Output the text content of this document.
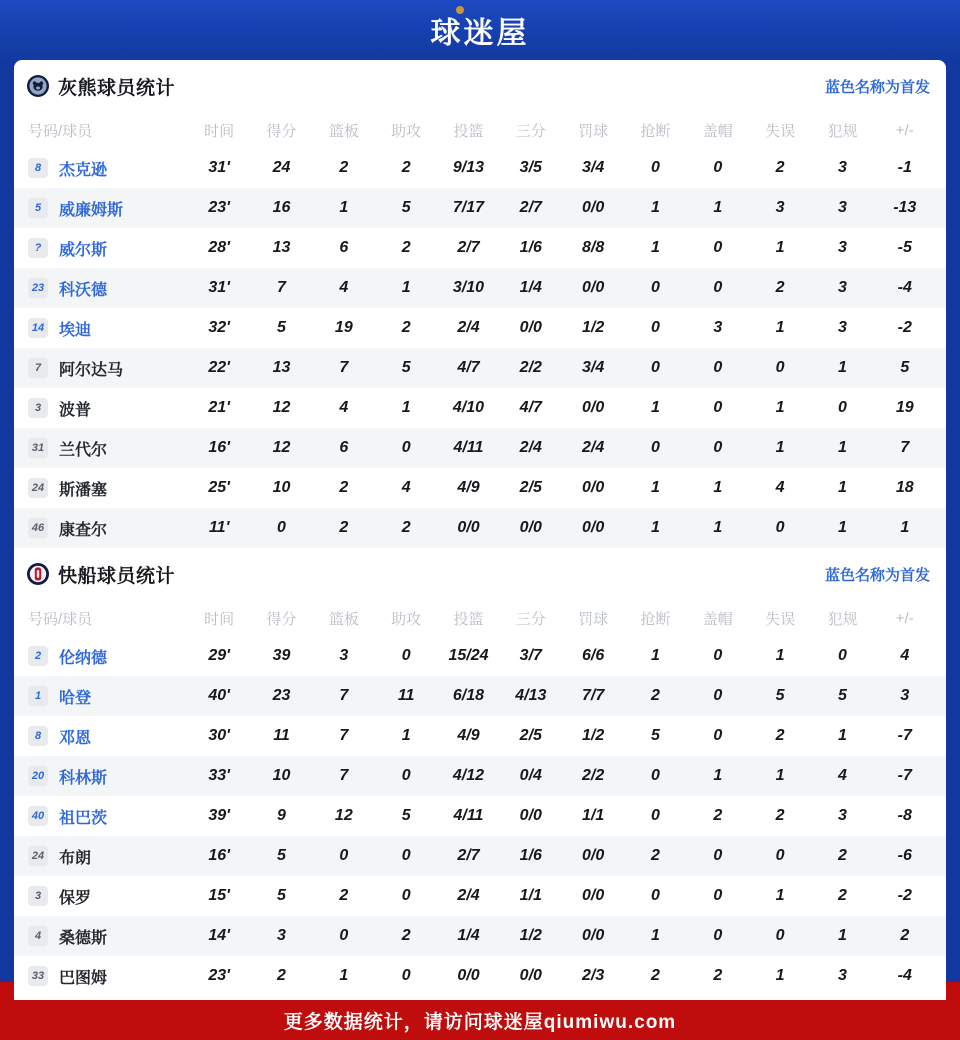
球迷屋
灰熊球员统计	蓝色名称为首发
号码/球员	时间	得分	篮板	助攻	投篮	三分	罚球	抢断	盖帽	失误	犯规	+/-
8	杰克逊	31'	24	2	2	9/13	3/5	3/4	0	0	2	3	-1
5	威廉姆斯	23'	16	1	5	7/17	2/7	0/0	1	1	3	3	-13
?	威尔斯	28'	13	6	2	2/7	1/6	8/8	1	0	1	3	-5
23 科沃德	31'	7	4	1	3/10	1/4	0/0	0	0	2	3	-4
14 埃迪	32'	5	19	2	2/4	0/0	1/2	0	3	1	3	-2
7	阿尔达马	22'	13	7	5	4/7	2/2	3/4	0	0	0	1	5
3	波普	21'	12	4	1	4/10	4/7	0/0	1	0	1	0	19
31 兰代尔	16'	12	6	0	4/11	2/4	2/4	0	0	1	1	7
24 斯潘塞	25'	10	2	4	4/9	2/5	0/0	1	1	4	1	18
46 康查尔	11'	0	2	2	0/0	0/0	0/0	1	1	0	1	1
快船球员统计	蓝色名称为首发
号码/球员	时间	得分	篮板	助攻	投篮	三分	罚球	抢断	盖帽	失误	犯规	+/-
2	伦纳德	29'	39	3	0	15/24	3/7	6/6	1	0	1	0	4
1	哈登	40'	23	7	11	6/18	4/13	7/7	2	0	5	5	3
8	邓恩	30'	11	7	1	4/9	2/5	1/2	5	0	2	1	-7
20 科林斯	33'	10	7	0	4/12	0/4	2/2	0	1	1	4	-7
40 祖巴茨	39'	9	12	5	4/11	0/0	1/1	0	2	2	3	-8
24 布朗	16'	5	0	0	2/7	1/6	0/0	2	0	0	2	-6
3	保罗	15'	5	2	0	2/4	1/1	0/0	0	0	1	2	-2
4	桑德斯	14'	3	0	2	1/4	1/2	0/0	1	0	0	1	2
33 巴图姆	23'	2	1	0	0/0	0/0	2/3	2	2	1	3	-4
更多数据统计，请访问球迷屋qiumiwu.com
